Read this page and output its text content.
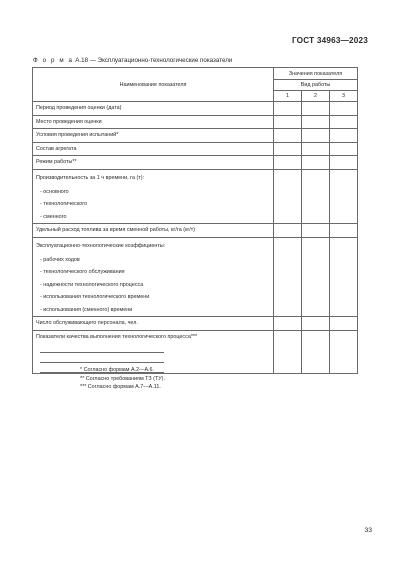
ГОСТ 34963—2023
Ф о р м а А.18 — Эксплуатационно-технологические показатели
Наименование показателя	Значения показателя		
	Вид работы		
	1	2	3
Период проведения оценки (дата)			
Место проведения оценки			
Условия проведения испытаний*			
Состав агрегата			
Режим работы**			
Производительность за 1 ч времени, га (т):			
- основного			
- технологического			
- сменного			
Удельный расход топлива за время сменной работы, кг/га (кг/т)			
Эксплуатационно-технологические коэффициенты:			
- рабочих ходов			
- технологического обслуживания			
- надежности технологического процесса			
- использования технологического времени			
- использования (сменного) времени			
Число обслуживающего персонала, чел.			
Показатели качества выполнения технологического процесса***			

* Согласно формам А.2—А.6.
** Согласно требованиям ТЗ (ТУ).
*** Согласно формам А.7—А.11.
33
